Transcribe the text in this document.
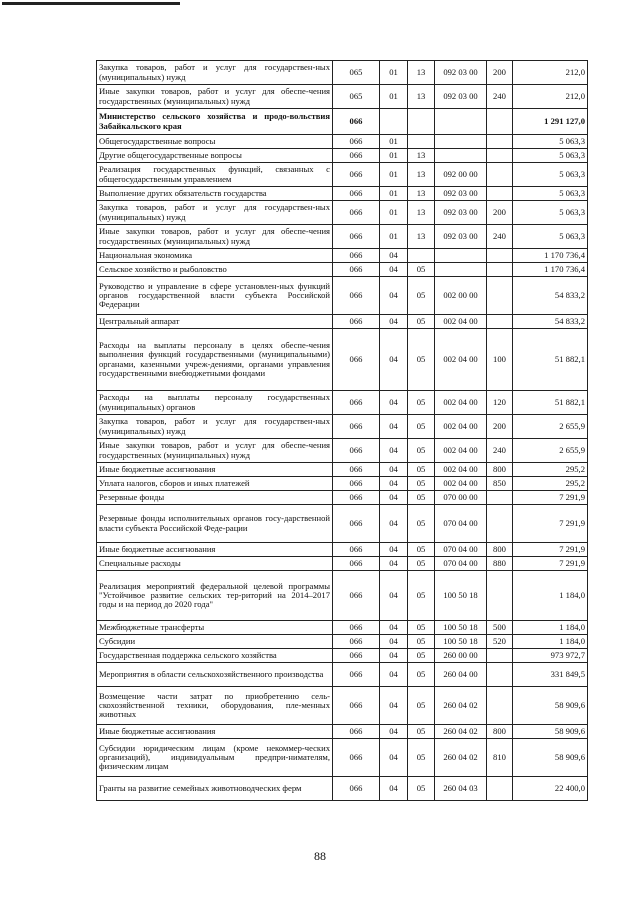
Закупка товаров, работ и услуг для государствен-ных (муниципальных) нужд	065	01	13	092 03 00	200	212,0
Иные закупки товаров, работ и услуг для обеспе-чения государственных (муниципальных) нужд	065	01	13	092 03 00	240	212,0
Министерство сельского хозяйства и продо-вольствия Забайкальского края	066					1 291 127,0
Общегосударственные вопросы	066	01				5 063,3
Другие общегосударственные вопросы	066	01	13			5 063,3
Реализация государственных функций, связанных с общегосударственным управлением	066	01	13	092 00 00		5 063,3
Выполнение других обязательств государства	066	01	13	092 03 00		5 063,3
Закупка товаров, работ и услуг для государствен-ных (муниципальных) нужд	066	01	13	092 03 00	200	5 063,3
Иные закупки товаров, работ и услуг для обеспе-чения государственных (муниципальных) нужд	066	01	13	092 03 00	240	5 063,3
Национальная экономика	066	04				1 170 736,4
Сельское хозяйство и рыболовство	066	04	05			1 170 736,4
Руководство и управление в сфере установлен-ных функций органов государственной власти субъекта Российской Федерации	066	04	05	002 00 00		54 833,2
Центральный аппарат	066	04	05	002 04 00		54 833,2
Расходы на выплаты персоналу в целях обеспе-чения выполнения функций государственными (муниципальными) органами, казенными учреж-дениями, органами управления государственными внебюджетными фондами	066	04	05	002 04 00	100	51 882,1
Расходы на выплаты персоналу государственных (муниципальных) органов	066	04	05	002 04 00	120	51 882,1
Закупка товаров, работ и услуг для государствен-ных (муниципальных) нужд	066	04	05	002 04 00	200	2 655,9
Иные закупки товаров, работ и услуг для обеспе-чения государственных (муниципальных) нужд	066	04	05	002 04 00	240	2 655,9
Иные бюджетные ассигнования	066	04	05	002 04 00	800	295,2
Уплата налогов, сборов и иных платежей	066	04	05	002 04 00	850	295,2
Резервные фонды	066	04	05	070 00 00		7 291,9
Резервные фонды исполнительных органов госу-дарственной власти субъекта Российской Феде-рации	066	04	05	070 04 00		7 291,9
Иные бюджетные ассигнования	066	04	05	070 04 00	800	7 291,9
Специальные расходы	066	04	05	070 04 00	880	7 291,9
Реализация мероприятий федеральной целевой программы "Устойчивое развитие сельских тер-риторий на 2014–2017 годы и на период до 2020 года"	066	04	05	100 50 18		1 184,0
Межбюджетные трансферты	066	04	05	100 50 18	500	1 184,0
Субсидии	066	04	05	100 50 18	520	1 184,0
Государственная поддержка сельского хозяйства	066	04	05	260 00 00		973 972,7
Мероприятия в области сельскохозяйственного производства	066	04	05	260 04 00		331 849,5
Возмещение части затрат по приобретению сель-скохозяйственной техники, оборудования, пле-менных животных	066	04	05	260 04 02		58 909,6
Иные бюджетные ассигнования	066	04	05	260 04 02	800	58 909,6
Субсидии юридическим лицам (кроме некоммер-ческих организаций), индивидуальным предпри-нимателям, физическим лицам	066	04	05	260 04 02	810	58 909,6
Гранты на развитие семейных животноводческих ферм	066	04	05	260 04 03		22 400,0
88
